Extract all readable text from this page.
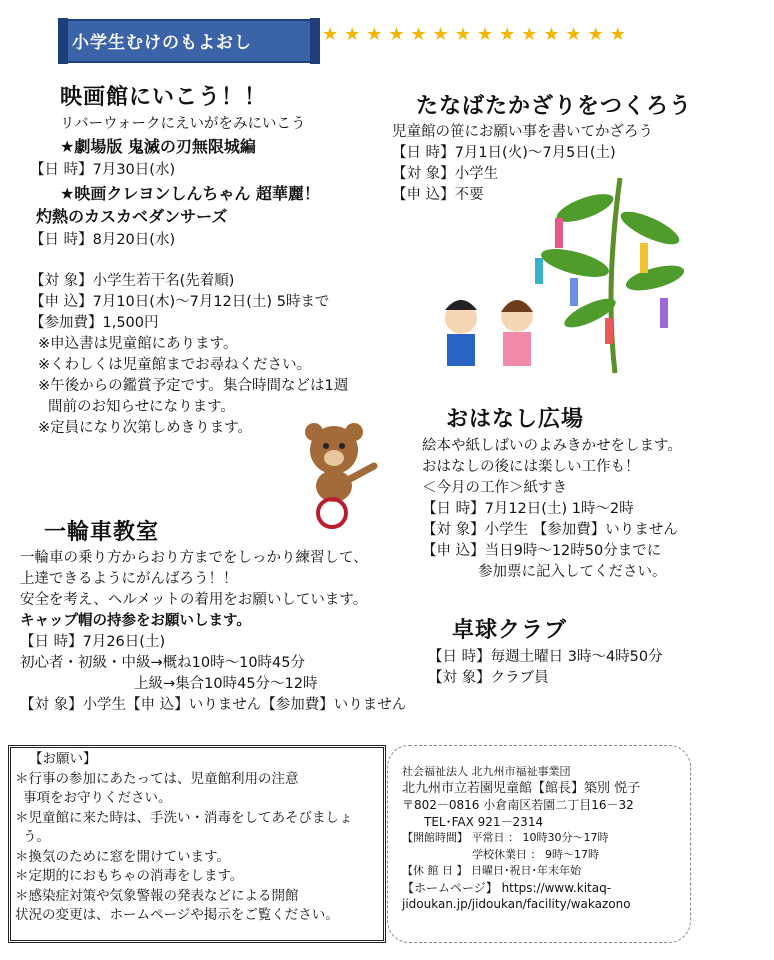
小学生むけのもよおし	★★★★★★★★★★★★★★
映画館にいこう！！
リバーウォークにえいがをみにいこう
★劇場版 鬼滅の刃無限城編
【日 時】7月30日(水)
★映画クレヨンしんちゃん 超華麗！
灼熱のカスカベダンサーズ
【日 時】8月20日(水)
【対 象】小学生若干名(先着順)
【申 込】7月10日(木)～7月12日(土) 5時まで
【参加費】1,500円
※申込書は児童館にあります。
※くわしくは児童館までお尋ねください。
※午後からの鑑賞予定です。集合時間などは1週
間前のお知らせになります。
※定員になり次第しめきります。
たなばたかざりをつくろう
児童館の笹にお願い事を書いてかざろう
【日 時】7月1日(火)～7月5日(土)
【対 象】小学生
【申 込】不要
おはなし広場
絵本や紙しばいのよみきかせをします。
おはなしの後には楽しい工作も！
＜今月の工作＞紙すき
【日 時】7月12日(土) 1時～2時
【対 象】小学生 【参加費】いりません
【申 込】当日9時～12時50分までに
参加票に記入してください。
一輪車教室
一輪車の乗り方からおり方までをしっかり練習して、
上達できるようにがんばろう！！
安全を考え、ヘルメットの着用をお願いしています。
キャップ帽の持参をお願いします。
【日 時】7月26日(土)
初心者・初級・中級→概ね10時～10時45分
上級→集合10時45分～12時
【対 象】小学生【申 込】いりません【参加費】いりません
卓球クラブ
【日 時】毎週土曜日 3時～4時50分
【対 象】クラブ員
【お願い】
＊行事の参加にあたっては、児童館利用の注意
事項をお守りください。
＊児童館に来た時は、手洗い・消毒をしてあそびましょ
う。
＊換気のために窓を開けています。
＊定期的におもちゃの消毒をします。
＊感染症対策や気象警報の発表などによる開館
状況の変更は、ホームページや掲示をご覧ください。
社会福祉法人 北九州市福祉事業団
北九州市立若園児童館【館長】築別 悦子
〒802－0816 小倉南区若園二丁目16－32
TEL･FAX 921－2314
【開館時間】 平常日 ： 10時30分～17時
学校休業日 ： 9時～17時
【休 館 日 】 日曜日･祝日･年末年始
【ホームページ】 https://www.kitaq-
jidoukan.jp/jidoukan/facility/wakazono
